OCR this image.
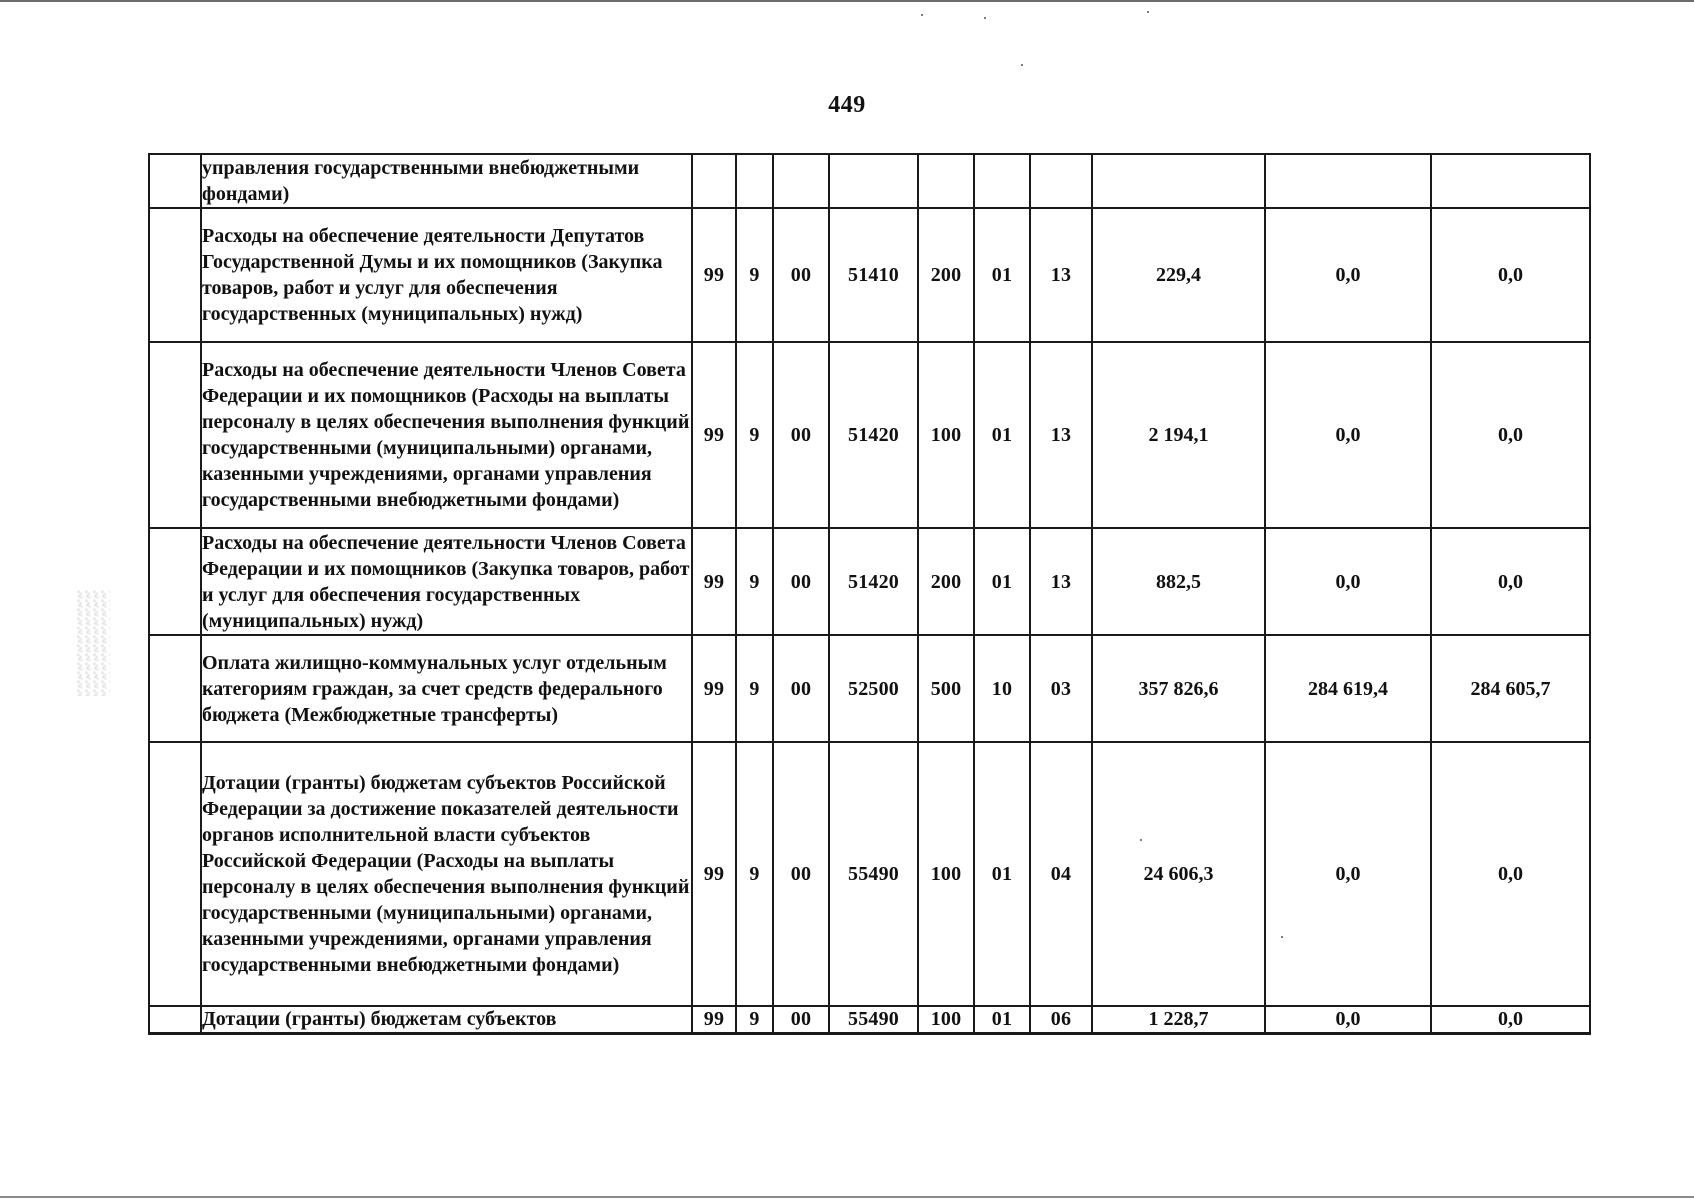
449
	управления государственными внебюджетными фондами)										
	Расходы на обеспечение деятельности Депутатов Государственной Думы и их помощников (Закупка товаров, работ и услуг для обеспечения государственных (муниципальных) нужд)	99	9	00	51410	200	01	13	229,4	0,0	0,0
	Расходы на обеспечение деятельности Членов Совета Федерации и их помощников (Расходы на выплаты персоналу в целях обеспечения выполнения функций государственными (муниципальными) органами, казенными учреждениями, органами управления государственными внебюджетными фондами)	99	9	00	51420	100	01	13	2 194,1	0,0	0,0
	Расходы на обеспечение деятельности Членов Совета Федерации и их помощников (Закупка товаров, работ и услуг для обеспечения государственных (муниципальных) нужд)	99	9	00	51420	200	01	13	882,5	0,0	0,0
	Оплата жилищно-коммунальных услуг отдельным категориям граждан, за счет средств федерального бюджета (Межбюджетные трансферты)	99	9	00	52500	500	10	03	357 826,6	284 619,4	284 605,7
	Дотации (гранты) бюджетам субъектов Российской Федерации за достижение показателей деятельности органов исполнительной власти субъектов Российской Федерации (Расходы на выплаты персоналу в целях обеспечения выполнения функций государственными (муниципальными) органами, казенными учреждениями, органами управления государственными внебюджетными фондами)	99	9	00	55490	100	01	04	24 606,3	0,0	0,0
	Дотации (гранты) бюджетам субъектов	99	9	00	55490	100	01	06	1 228,7	0,0	0,0
